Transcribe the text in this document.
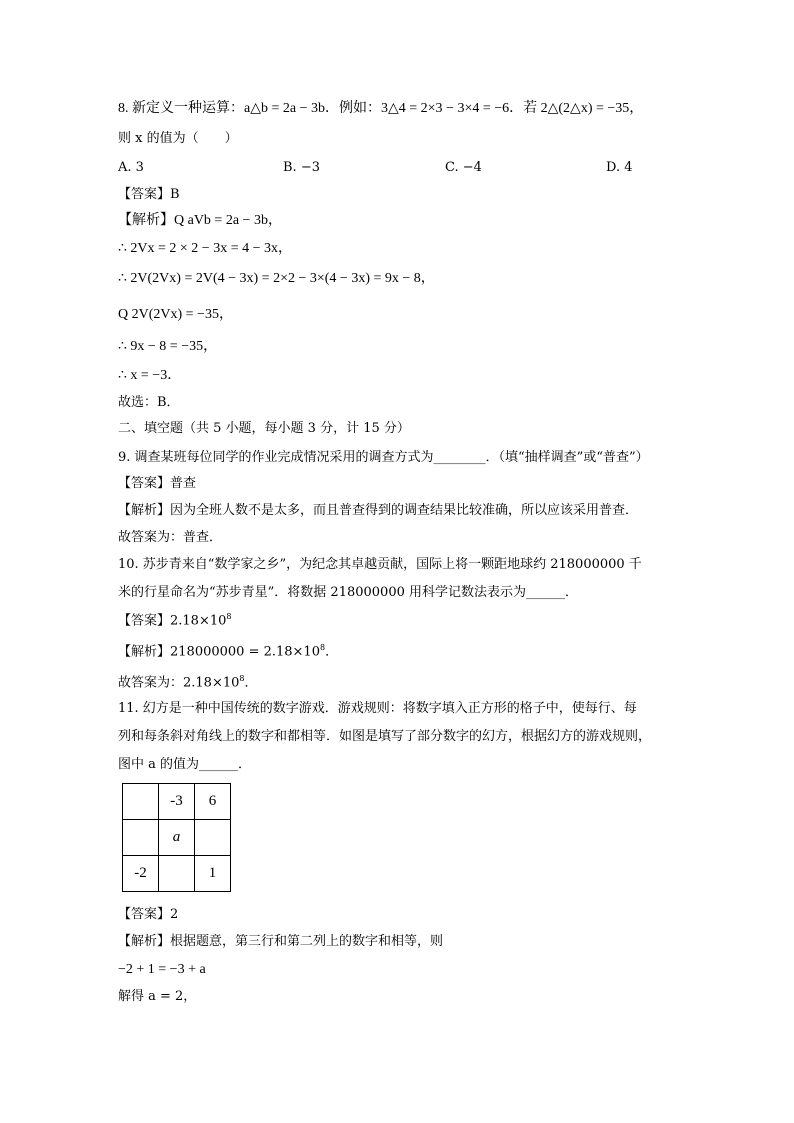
8. 新定义一种运算：a△b = 2a − 3b．例如：3△4 = 2×3 − 3×4 = −6．若 2△(2△x) = −35，
则 x 的值为（　　）
A. 3	B. −3	C. −4	D. 4
【答案】B
【解析】Q aVb = 2a − 3b，
∴ 2Vx = 2 × 2 − 3x = 4 − 3x，
∴ 2V(2Vx) = 2V(4 − 3x) = 2×2 − 3×(4 − 3x) = 9x − 8，
Q 2V(2Vx) = −35，
∴ 9x − 8 = −35，
∴ x = −3．
故选：B．
二、填空题（共 5 小题，每小题 3 分，计 15 分）
9. 调查某班每位同学的作业完成情况采用的调查方式为________．（填“抽样调查”或“普查”）
【答案】普查
【解析】因为全班人数不是太多，而且普查得到的调查结果比较准确，所以应该采用普查．
故答案为：普查．
10. 苏步青来自“数学家之乡”，为纪念其卓越贡献，国际上将一颗距地球约 218000000 千
米的行星命名为“苏步青星”．将数据 218000000 用科学记数法表示为______．
【答案】$2.18\times 10^8$
【解析】$218000000 = 2.18\times 10^8$．
故答案为：$2.18\times 10^8$．
11. 幻方是一种中国传统的数字游戏．游戏规则：将数字填入正方形的格子中，使每行、每
列和每条斜对角线上的数字和都相等．如图是填写了部分数字的幻方，根据幻方的游戏规则，
图中 a 的值为______．
	-3	6
	a	
-2		1
【答案】2
【解析】根据题意，第三行和第二列上的数字和相等，则
−2 + 1 = −3 + a
解得 a = 2，
